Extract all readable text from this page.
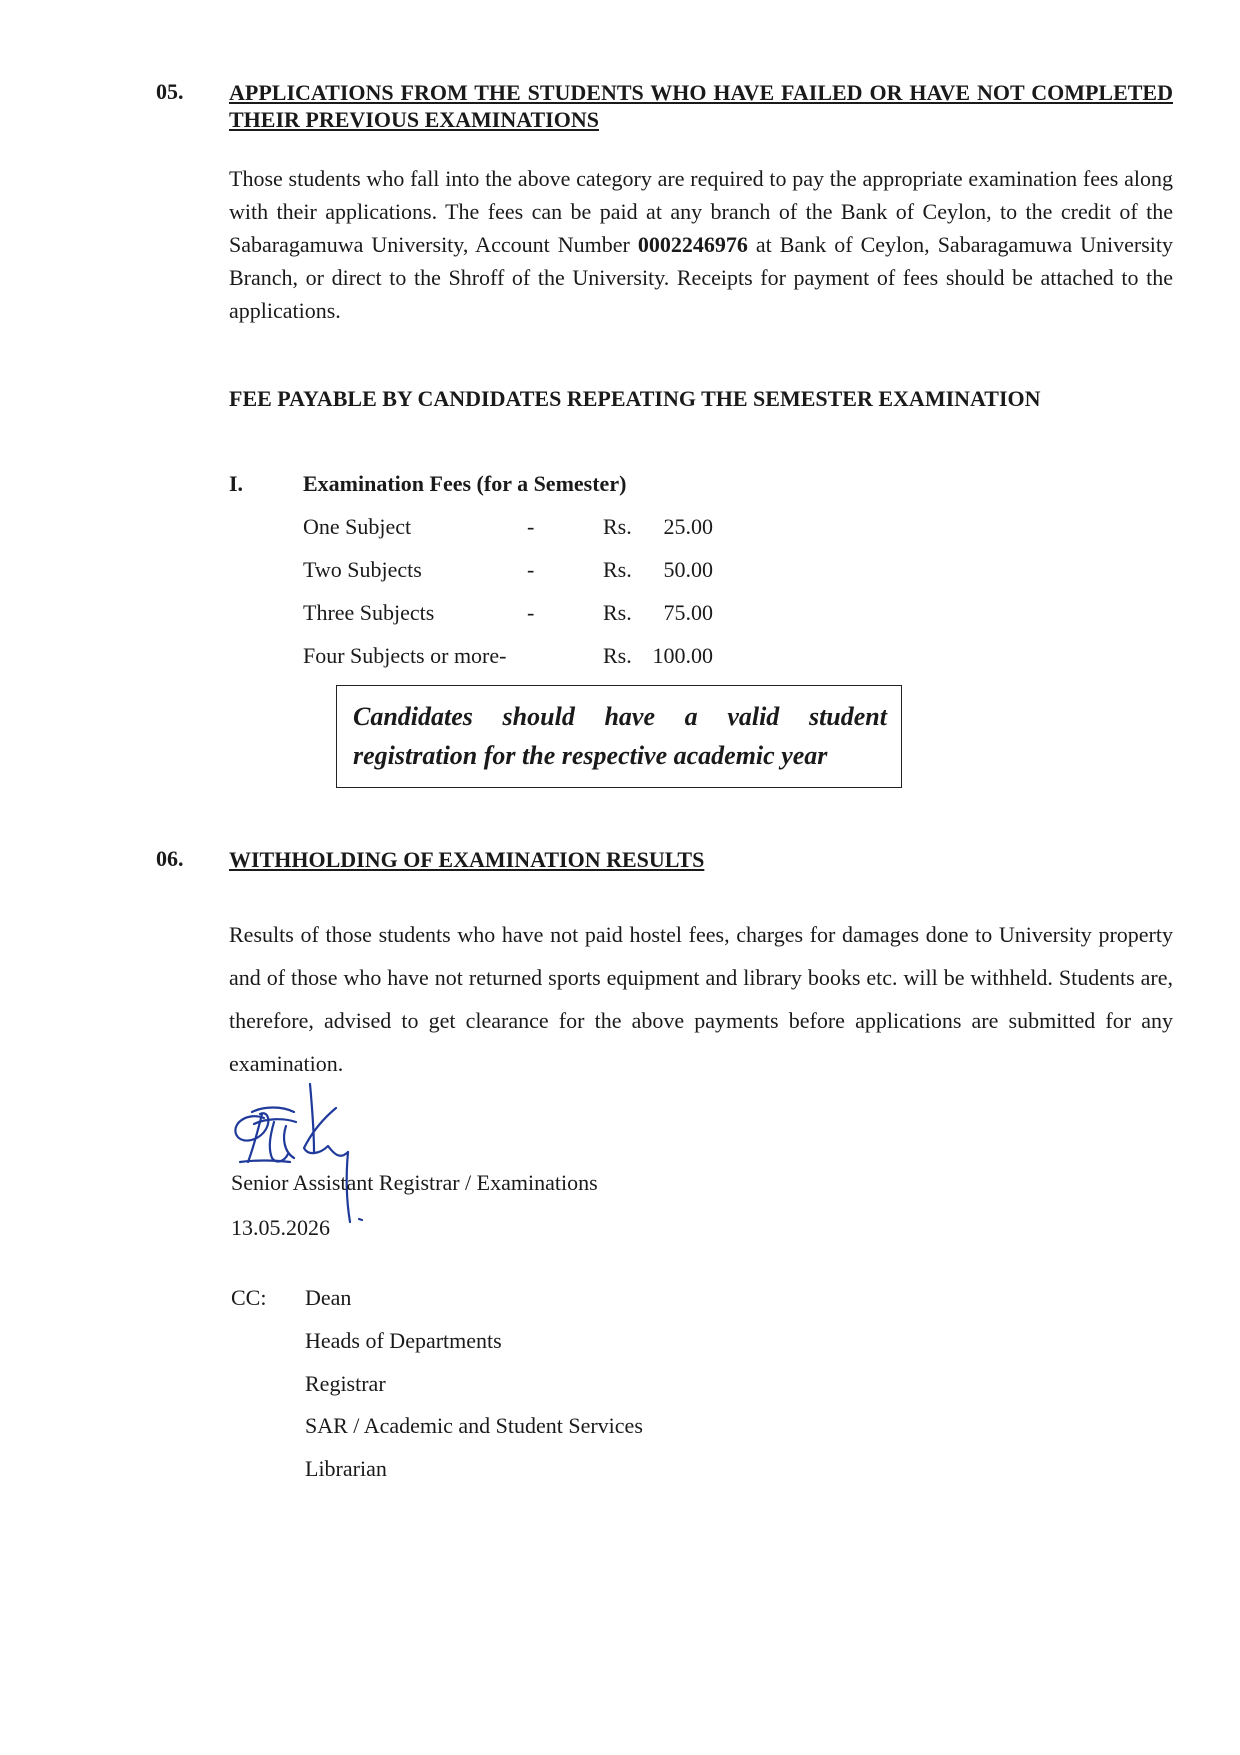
05. APPLICATIONS FROM THE STUDENTS WHO HAVE FAILED OR HAVE NOT COMPLETED THEIR PREVIOUS EXAMINATIONS

Those students who fall into the above category are required to pay the appropriate examination fees along with their applications. The fees can be paid at any branch of the Bank of Ceylon, to the credit of the Sabaragamuwa University, Account Number 0002246976 at Bank of Ceylon, Sabaragamuwa University Branch, or direct to the Shroff of the University. Receipts for payment of fees should be attached to the applications.

FEE PAYABLE BY CANDIDATES REPEATING THE SEMESTER EXAMINATION
I.	Examination Fees (for a Semester)
One Subject	-	Rs.	25.00
Two Subjects	-	Rs.	50.00
Three Subjects	-	Rs.	75.00
Four Subjects or more-	Rs. 100.00
Candidates should have a valid student registration for the respective academic year
06. WITHHOLDING OF EXAMINATION RESULTS

Results of those students who have not paid hostel fees, charges for damages done to University property and of those who have not returned sports equipment and library books etc. will be withheld. Students are, therefore, advised to get clearance for the above payments before applications are submitted for any examination.

Senior Assistant Registrar / Examinations
13.05.2026
CC: Dean
Heads of Departments
Registrar
SAR / Academic and Student Services
Librarian
